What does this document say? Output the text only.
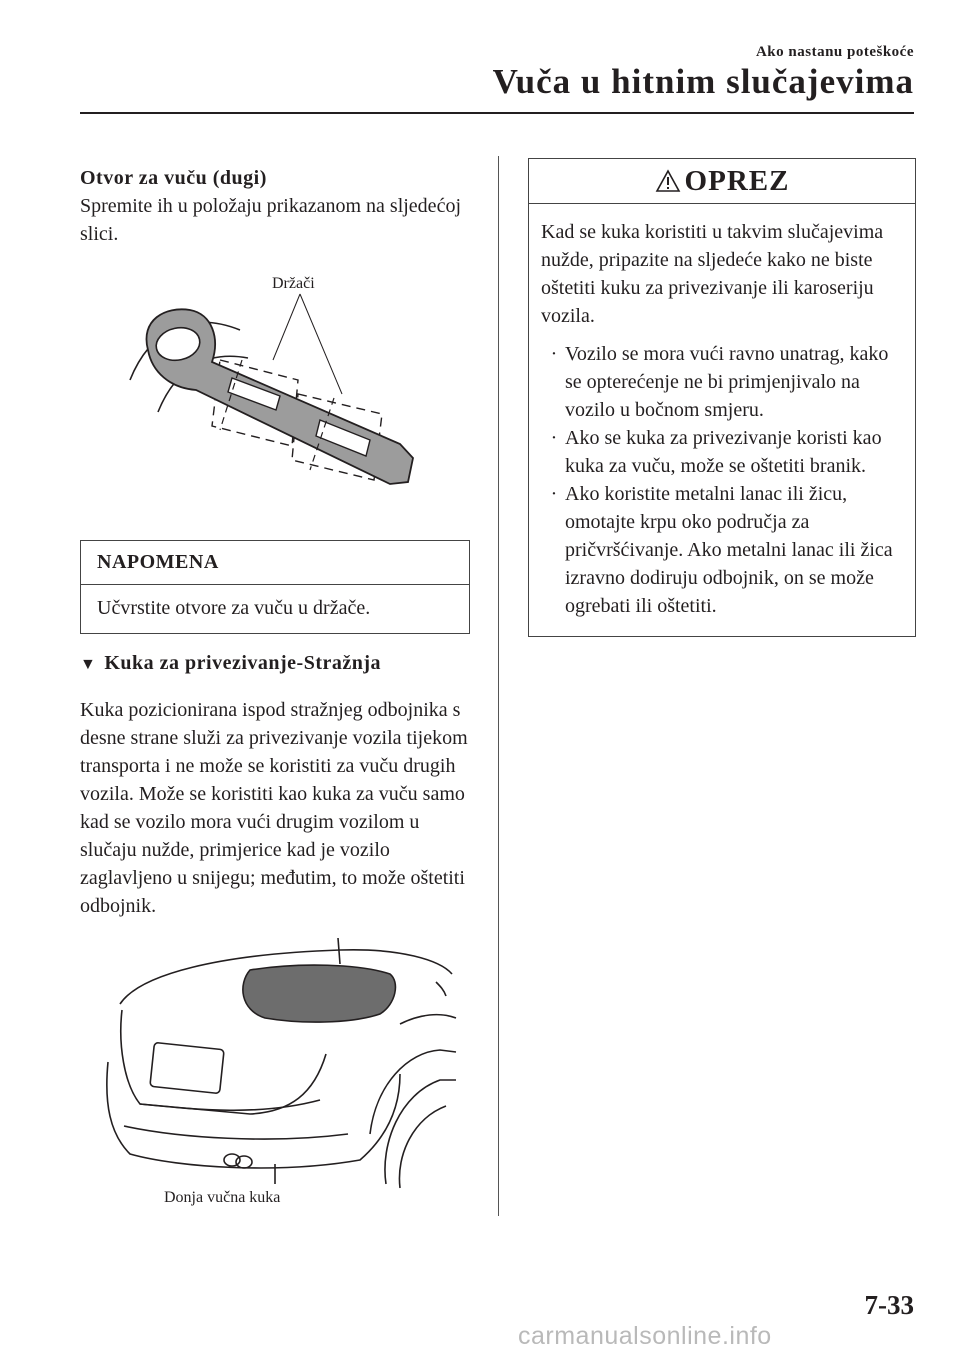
Ako nastanu poteškoće
Vuča u hitnim slučajevima
Otvor za vuču (dugi)

Spremite ih u položaju prikazanom na sljedećoj slici.

Držači
NAPOMENA
Učvrstite otvore za vuču u držače.
▼ Kuka za privezivanje-Stražnja

Kuka pozicionirana ispod stražnjeg odbojnika s desne strane služi za privezivanje vozila tijekom transporta i ne može se koristiti za vuču drugih vozila. Može se koristiti kao kuka za vuču samo kad se vozilo mora vući drugim vozilom u slučaju nužde, primjerice kad je vozilo zaglavljeno u snijegu; međutim, to može oštetiti odbojnik.

Donja vučna kuka
OPREZ

Kad se kuka koristiti u takvim slučajevima nužde, pripazite na sljedeće kako ne biste oštetiti kuku za privezivanje ili karoseriju vozila.

· Vozilo se mora vući ravno unatrag, kako se opterećenje ne bi primjenjivalo na vozilo u bočnom smjeru.
· Ako se kuka za privezivanje koristi kao kuka za vuču, može se oštetiti branik.
· Ako koristite metalni lanac ili žicu, omotajte krpu oko područja za pričvršćivanje. Ako metalni lanac ili žica izravno dodiruju odbojnik, on se može ogrebati ili oštetiti.
7-33
carmanualsonline.info
